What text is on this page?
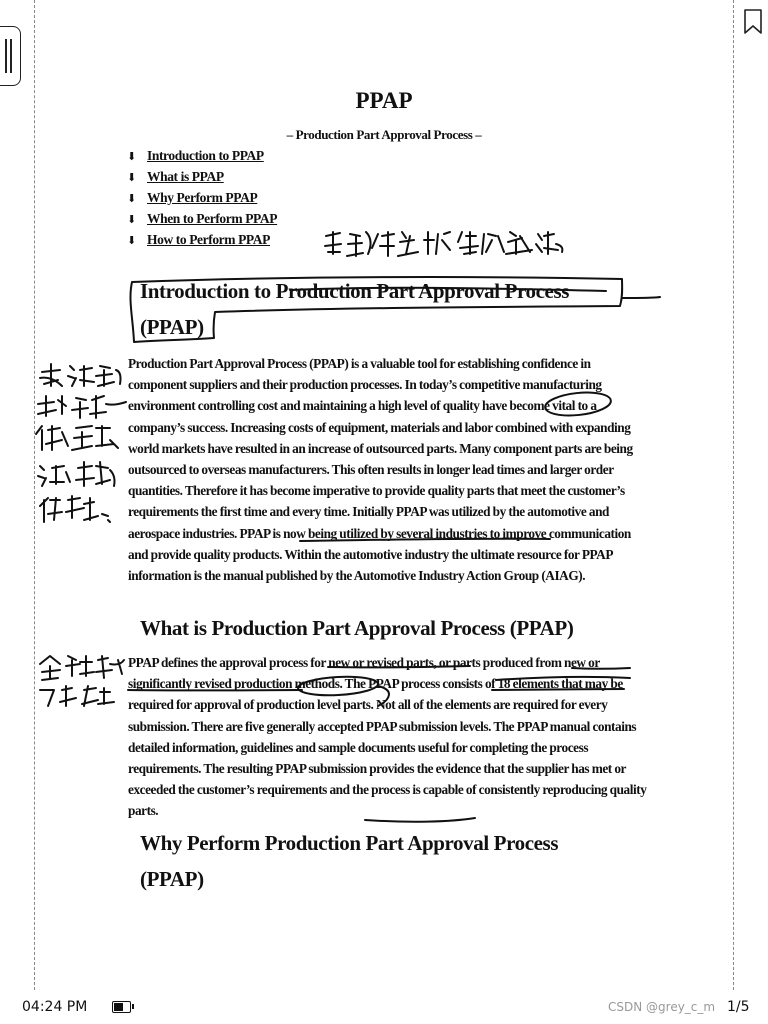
PPAP
– Production Part Approval Process –
⬇ Introduction to PPAP
⬇ What is PPAP
⬇ Why Perform PPAP
⬇ When to Perform PPAP
⬇ How to Perform PPAP
Introduction to Production Part Approval Process
(PPAP)

Production Part Approval Process (PPAP) is a valuable tool for establishing confidence in component suppliers and their production processes. In today’s competitive manufacturing environment controlling cost and maintaining a high level of quality have become vital to a company’s success. Increasing costs of equipment, materials and labor combined with expanding world markets have resulted in an increase of outsourced parts. Many component parts are being outsourced to overseas manufacturers. This often results in longer lead times and larger order quantities. Therefore it has become imperative to provide quality parts that meet the customer’s requirements the first time and every time. Initially PPAP was utilized by the automotive and aerospace industries. PPAP is now being utilized by several industries to improve communication and provide quality products. Within the automotive industry the ultimate resource for PPAP information is the manual published by the Automotive Industry Action Group (AIAG).

What is Production Part Approval Process (PPAP)

PPAP defines the approval process for new or revised parts, or parts produced from new or significantly revised production methods. The PPAP process consists of 18 elements that may be required for approval of production level parts. Not all of the elements are required for every submission. There are five generally accepted PPAP submission levels. The PPAP manual contains detailed information, guidelines and sample documents useful for completing the process requirements. The resulting PPAP submission provides the evidence that the supplier has met or exceeded the customer’s requirements and the process is capable of consistently reproducing quality parts.

Why Perform Production Part Approval Process
(PPAP)
04:24 PM	CSDN @grey_c_m 1/5
